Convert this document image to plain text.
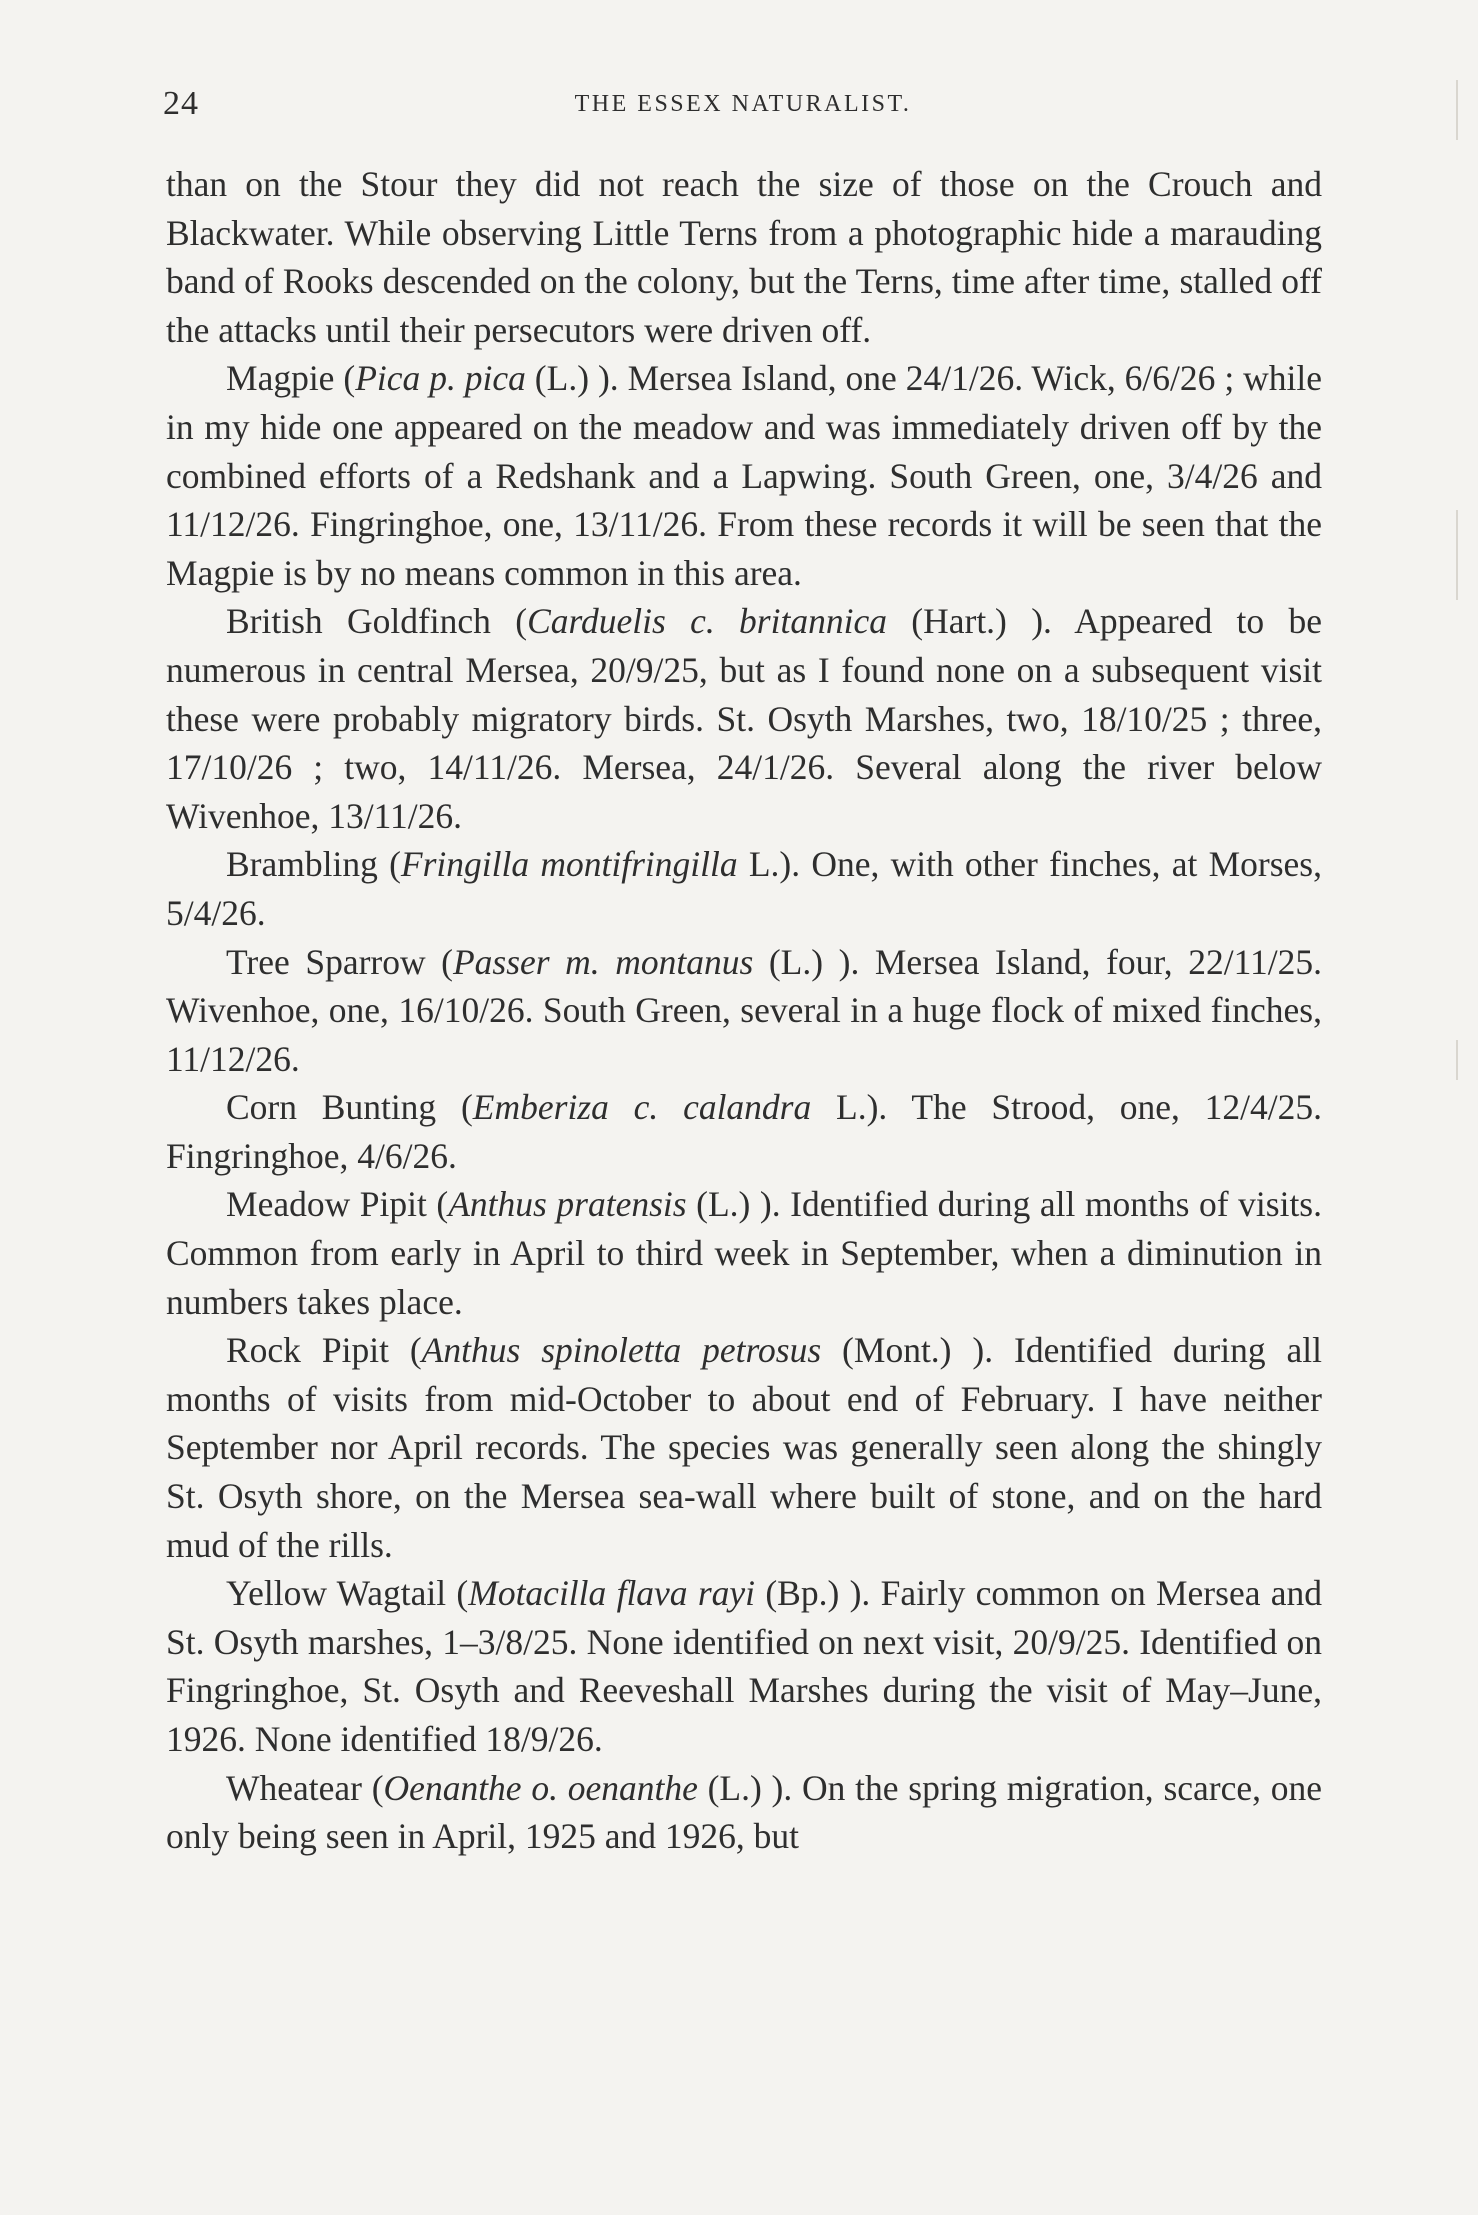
24	THE ESSEX NATURALIST.

than on the Stour they did not reach the size of those on the Crouch and Blackwater. While observing Little Terns from a photographic hide a marauding band of Rooks descended on the colony, but the Terns, time after time, stalled off the attacks until their persecutors were driven off.

Magpie (Pica p. pica (L.) ). Mersea Island, one 24/1/26. Wick, 6/6/26 ; while in my hide one appeared on the meadow and was immediately driven off by the combined efforts of a Redshank and a Lapwing. South Green, one, 3/4/26 and 11/12/26. Fingringhoe, one, 13/11/26. From these records it will be seen that the Magpie is by no means common in this area.

British Goldfinch (Carduelis c. britannica (Hart.) ). Appeared to be numerous in central Mersea, 20/9/25, but as I found none on a subsequent visit these were probably migratory birds. St. Osyth Marshes, two, 18/10/25 ; three, 17/10/26 ; two, 14/11/26. Mersea, 24/1/26. Several along the river below Wivenhoe, 13/11/26.

Brambling (Fringilla montifringilla L.). One, with other finches, at Morses, 5/4/26.

Tree Sparrow (Passer m. montanus (L.) ). Mersea Island, four, 22/11/25. Wivenhoe, one, 16/10/26. South Green, several in a huge flock of mixed finches, 11/12/26.

Corn Bunting (Emberiza c. calandra L.). The Strood, one, 12/4/25. Fingringhoe, 4/6/26.

Meadow Pipit (Anthus pratensis (L.) ). Identified during all months of visits. Common from early in April to third week in September, when a diminution in numbers takes place.

Rock Pipit (Anthus spinoletta petrosus (Mont.) ). Identified during all months of visits from mid-October to about end of February. I have neither September nor April records. The species was generally seen along the shingly St. Osyth shore, on the Mersea sea-wall where built of stone, and on the hard mud of the rills.

Yellow Wagtail (Motacilla flava rayi (Bp.) ). Fairly common on Mersea and St. Osyth marshes, 1–3/8/25. None identified on next visit, 20/9/25. Identified on Fingringhoe, St. Osyth and Reeveshall Marshes during the visit of May–June, 1926. None identified 18/9/26.

Wheatear (Oenanthe o. oenanthe (L.) ). On the spring migration, scarce, one only being seen in April, 1925 and 1926, but
